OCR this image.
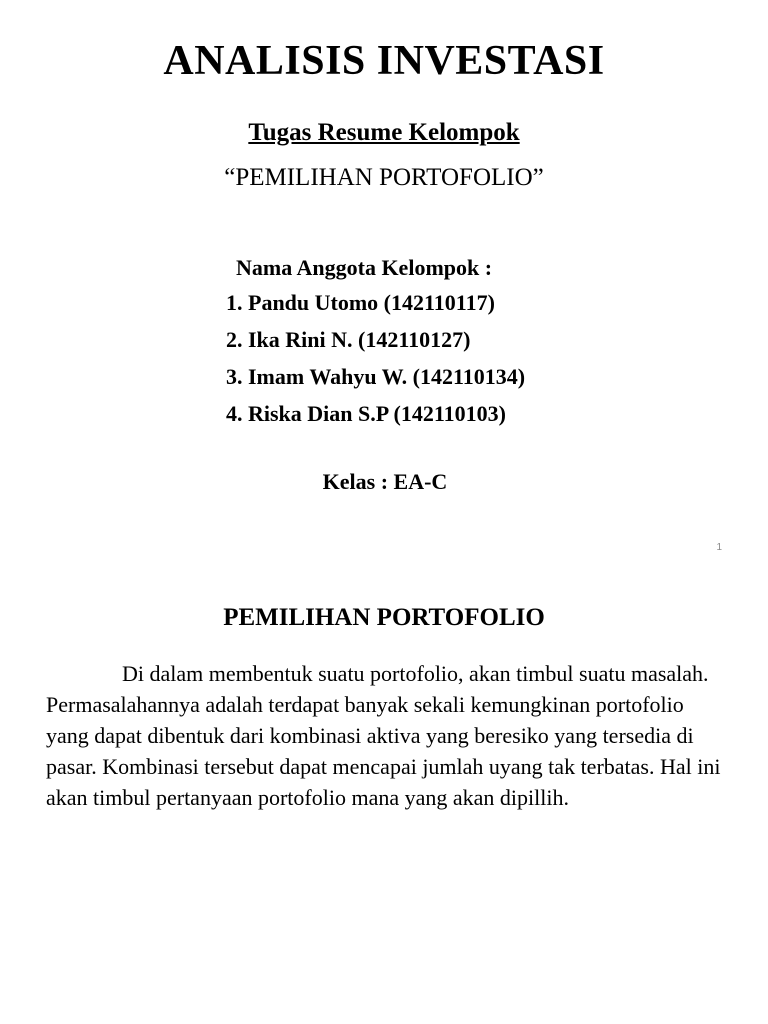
ANALISIS INVESTASI
Tugas Resume Kelompok
“PEMILIHAN PORTOFOLIO”
Nama Anggota Kelompok :
1. Pandu Utomo (142110117)
2. Ika Rini N. (142110127)
3. Imam Wahyu W. (142110134)
4. Riska Dian S.P (142110103)
Kelas : EA-C
1
PEMILIHAN PORTOFOLIO

Di dalam membentuk suatu portofolio, akan timbul suatu masalah. Permasalahannya adalah terdapat banyak sekali kemungkinan portofolio yang dapat dibentuk dari kombinasi aktiva yang beresiko yang tersedia di pasar. Kombinasi tersebut dapat mencapai jumlah uyang tak terbatas. Hal ini akan timbul pertanyaan portofolio mana yang akan dipillih.
